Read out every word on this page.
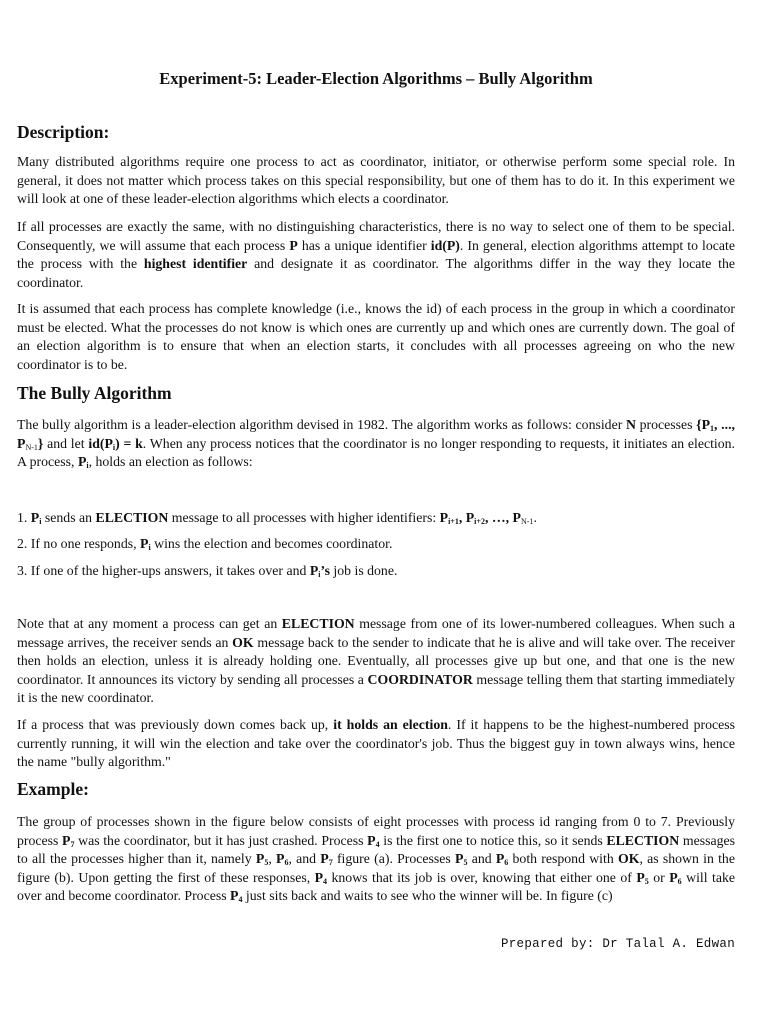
Experiment-5: Leader-Election Algorithms – Bully Algorithm
Description:

Many distributed algorithms require one process to act as coordinator, initiator, or otherwise perform some special role. In general, it does not matter which process takes on this special responsibility, but one of them has to do it. In this experiment we will look at one of these leader-election algorithms which elects a coordinator.

If all processes are exactly the same, with no distinguishing characteristics, there is no way to select one of them to be special. Consequently, we will assume that each process P has a unique identifier id(P). In general, election algorithms attempt to locate the process with the highest identifier and designate it as coordinator. The algorithms differ in the way they locate the coordinator.

It is assumed that each process has complete knowledge (i.e., knows the id) of each process in the group in which a coordinator must be elected. What the processes do not know is which ones are currently up and which ones are currently down. The goal of an election algorithm is to ensure that when an election starts, it concludes with all processes agreeing on who the new coordinator is to be.

The Bully Algorithm

The bully algorithm is a leader-election algorithm devised in 1982. The algorithm works as follows: consider N processes {$P_1$, ..., $P_{N-1}$} and let $id(P_i) = k$. When any process notices that the coordinator is no longer responding to requests, it initiates an election. A process, $P_i$, holds an election as follows:

1. $P_i$ sends an ELECTION message to all processes with higher identifiers: $P_{i+1}$, $P_{i+2}$, …, $P_{N-1}$.

2. If no one responds, $P_i$ wins the election and becomes coordinator.

3. If one of the higher-ups answers, it takes over and $P_i’s$ job is done.

Note that at any moment a process can get an ELECTION message from one of its lower-numbered colleagues. When such a message arrives, the receiver sends an OK message back to the sender to indicate that he is alive and will take over. The receiver then holds an election, unless it is already holding one. Eventually, all processes give up but one, and that one is the new coordinator. It announces its victory by sending all processes a COORDINATOR message telling them that starting immediately it is the new coordinator.

If a process that was previously down comes back up, it holds an election. If it happens to be the highest-numbered process currently running, it will win the election and take over the coordinator's job. Thus the biggest guy in town always wins, hence the name "bully algorithm."

Example:

The group of processes shown in the figure below consists of eight processes with process id ranging from 0 to 7. Previously process $P_7$ was the coordinator, but it has just crashed. Process $P_4$ is the first one to notice this, so it sends ELECTION messages to all the processes higher than it, namely $P_5$, $P_6$, and $P_7$ figure (a). Processes $P_5$ and $P_6$ both respond with OK, as shown in the figure (b). Upon getting the first of these responses, $P_4$ knows that its job is over, knowing that either one of $P_5$ or $P_6$ will take over and become coordinator. Process $P_4$ just sits back and waits to see who the winner will be. In figure (c)

Prepared by: Dr Talal A. Edwan
